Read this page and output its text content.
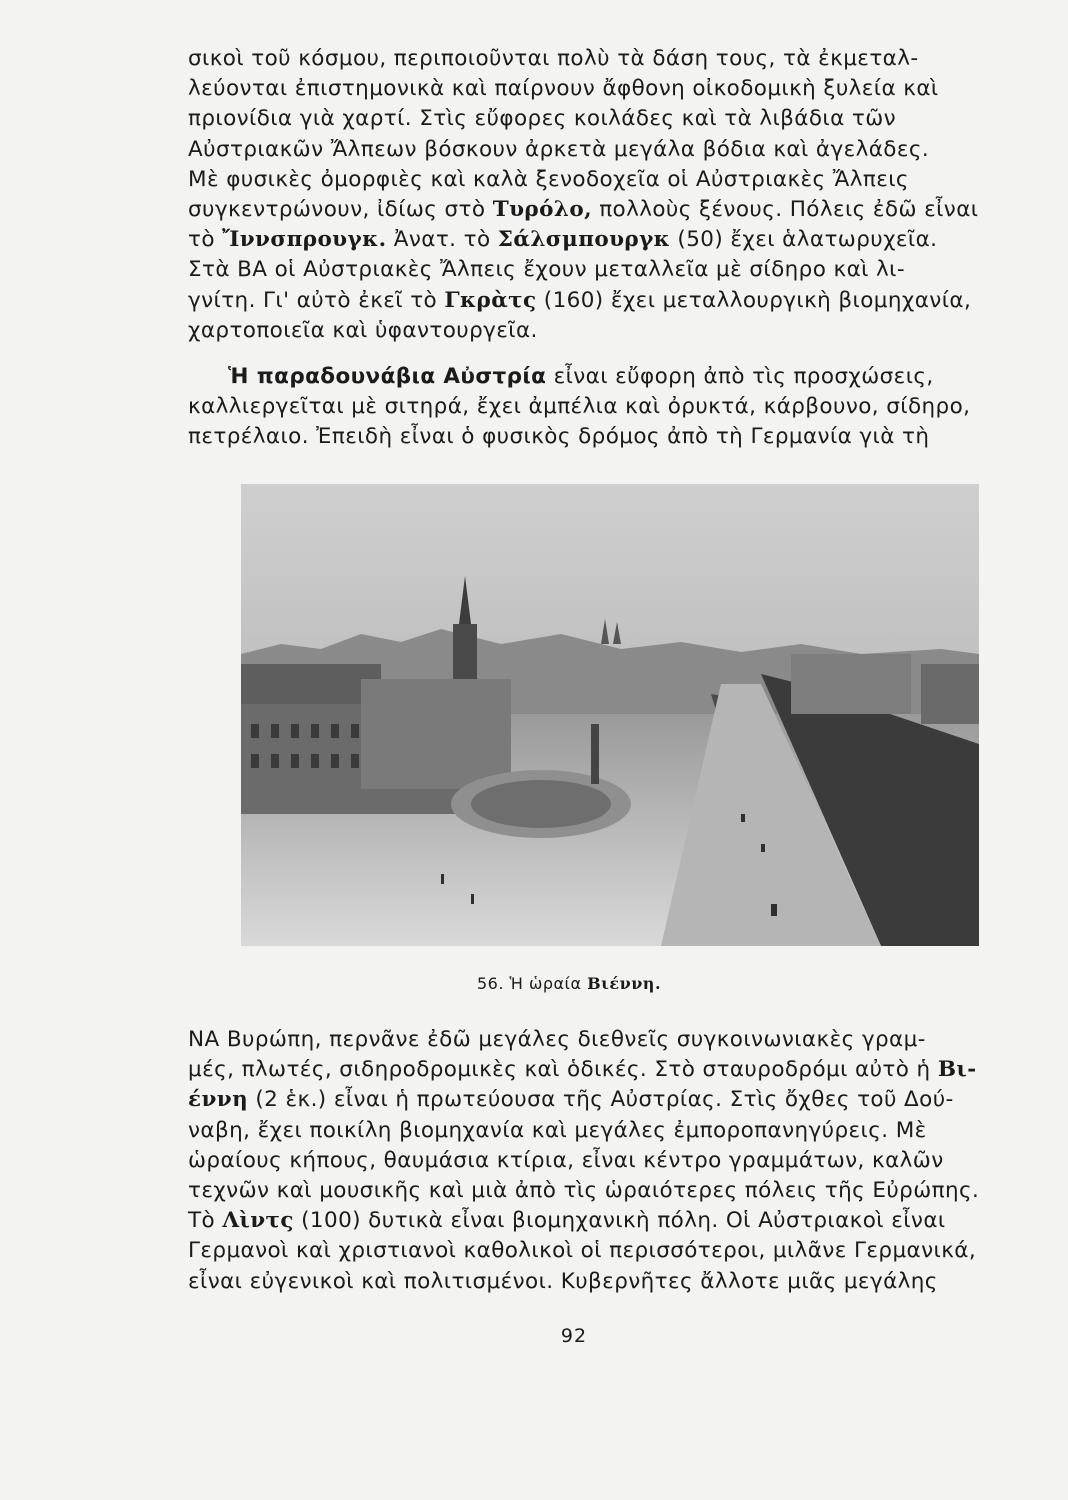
σικοὶ τοῦ κόσμου, περιποιοῦνται πολὺ τὰ δάση τους, τὰ ἐκμεταλ-
λεύονται ἐπιστημονικὰ καὶ παίρνουν ἄφθονη οἰκοδομικὴ ξυλεία καὶ
πριονίδια γιὰ χαρτί. Στὶς εὔφορες κοιλάδες καὶ τὰ λιβάδια τῶν
Αὐστριακῶν Ἄλπεων βόσκουν ἀρκετὰ μεγάλα βόδια καὶ ἀγελάδες.
Μὲ φυσικὲς ὀμορφιὲς καὶ καλὰ ξενοδοχεῖα οἱ Αὐστριακὲς Ἄλπεις
συγκεντρώνουν, ἰδίως στὸ Τυρόλο, πολλοὺς ξένους. Πόλεις ἐδῶ εἶναι
τὸ Ἴννσπρουγκ. Ἀνατ. τὸ Σάλσμπουργκ (50) ἔχει ἁλατωρυχεῖα.
Στὰ ΒΑ οἱ Αὐστριακὲς Ἄλπεις ἔχουν μεταλλεῖα μὲ σίδηρο καὶ λι-
γνίτη. Γι' αὐτὸ ἐκεῖ τὸ Γκρὰτς (160) ἔχει μεταλλουργικὴ βιομηχανία,
χαρτοποιεῖα καὶ ὑφαντουργεῖα.
Ἡ παραδουνάβια Αὐστρία εἶναι εὔφορη ἀπὸ τὶς προσχώσεις,
καλλιεργεῖται μὲ σιτηρά, ἔχει ἀμπέλια καὶ ὀρυκτά, κάρβουνο, σίδηρο,
πετρέλαιο. Ἐπειδὴ εἶναι ὁ φυσικὸς δρόμος ἀπὸ τὴ Γερμανία γιὰ τὴ
56. Ἡ ὡραία Βιέννη.
ΝΑ Βυρώπη, περνᾶνε ἐδῶ μεγάλες διεθνεῖς συγκοινωνιακὲς γραμ-
μές, πλωτές, σιδηροδρομικὲς καὶ ὁδικές. Στὸ σταυροδρόμι αὐτὸ ἡ Βι-
έννη (2 ἑκ.) εἶναι ἡ πρωτεύουσα τῆς Αὐστρίας. Στὶς ὄχθες τοῦ Δού-
ναβη, ἔχει ποικίλη βιομηχανία καὶ μεγάλες ἐμποροπανηγύρεις. Μὲ
ὡραίους κήπους, θαυμάσια κτίρια, εἶναι κέντρο γραμμάτων, καλῶν
τεχνῶν καὶ μουσικῆς καὶ μιὰ ἀπὸ τὶς ὡραιότερες πόλεις τῆς Εὐρώπης.
Τὸ Λὶντς (100) δυτικὰ εἶναι βιομηχανικὴ πόλη. Οἱ Αὐστριακοὶ εἶναι
Γερμανοὶ καὶ χριστιανοὶ καθολικοὶ οἱ περισσότεροι, μιλᾶνε Γερμανικά,
εἶναι εὐγενικοὶ καὶ πολιτισμένοι. Κυβερνῆτες ἄλλοτε μιᾶς μεγάλης
92
